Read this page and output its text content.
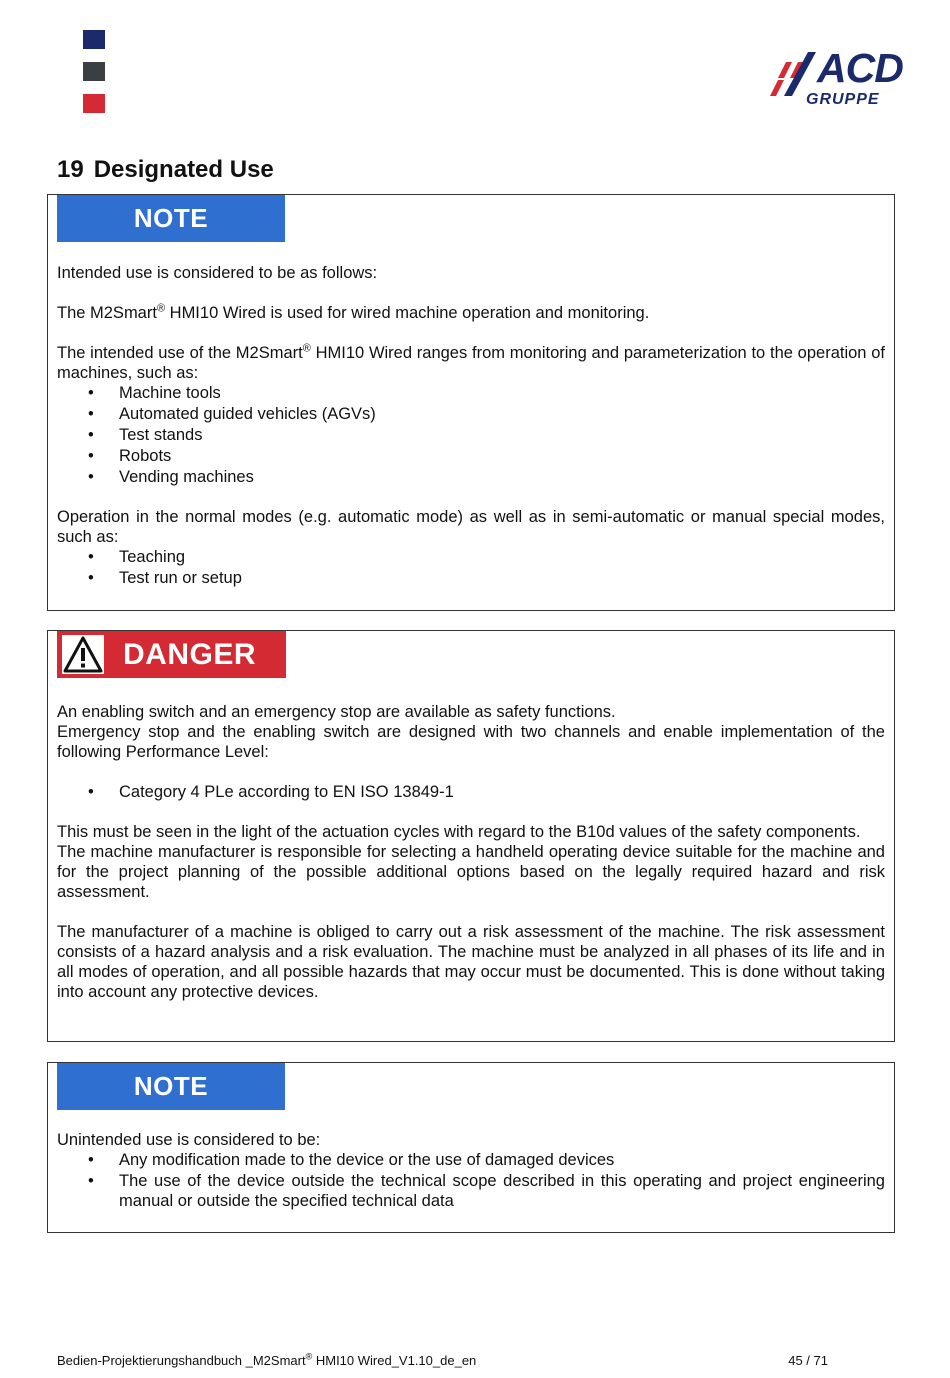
ACD
GRUPPE
19 Designated Use
NOTE

Intended use is considered to be as follows:

The M2Smart® HMI10 Wired is used for wired machine operation and monitoring.

The intended use of the M2Smart® HMI10 Wired ranges from monitoring and parameterization to the operation of machines, such as:

• Machine tools
• Automated guided vehicles (AGVs)
• Test stands
• Robots
• Vending machines

Operation in the normal modes (e.g. automatic mode) as well as in semi-automatic or manual special modes, such as:

• Teaching
• Test run or setup
DANGER

An enabling switch and an emergency stop are available as safety functions.

Emergency stop and the enabling switch are designed with two channels and enable implementation of the following Performance Level:

• Category 4 PLe according to EN ISO 13849-1

This must be seen in the light of the actuation cycles with regard to the B10d values of the safety components.

The machine manufacturer is responsible for selecting a handheld operating device suitable for the machine and for the project planning of the possible additional options based on the legally required hazard and risk assessment.

The manufacturer of a machine is obliged to carry out a risk assessment of the machine. The risk assessment consists of a hazard analysis and a risk evaluation. The machine must be analyzed in all phases of its life and in all modes of operation, and all possible hazards that may occur must be documented. This is done without taking into account any protective devices.

NOTE

Unintended use is considered to be:

• Any modification made to the device or the use of damaged devices
• The use of the device outside the technical scope described in this operating and project engineering manual or outside the specified technical data
Bedien-Projektierungshandbuch _M2Smart® HMI10 Wired_V1.10_de_en	45 / 71
